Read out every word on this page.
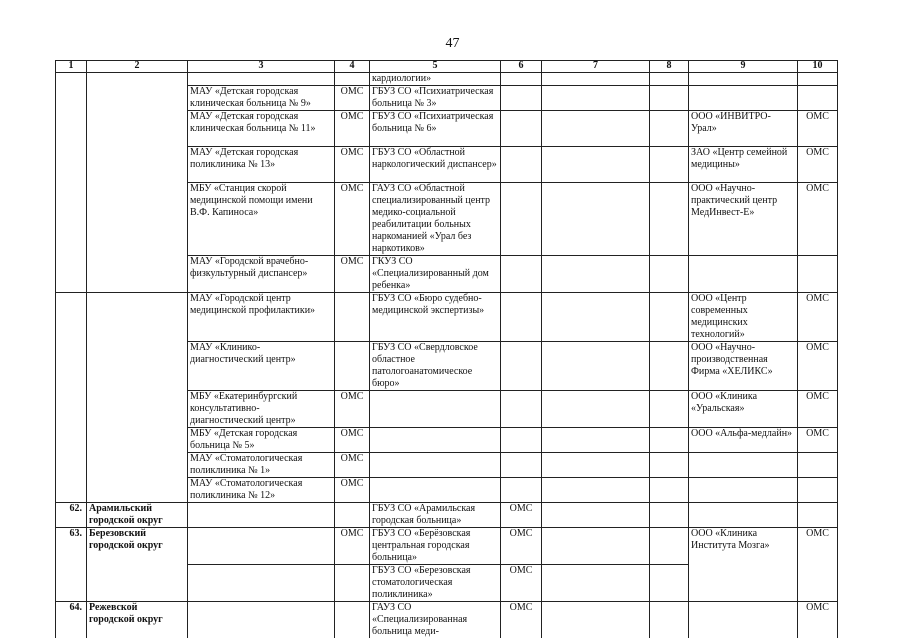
47
1	2	3	4	5	6	7	8	9	10
				кардиологии»					
		МАУ «Детская городская клиническая больница № 9»	ОМС	ГБУЗ СО «Психиатрическая больница № 3»					
		МАУ «Детская городская клиническая больница № 11»	ОМС	ГБУЗ СО «Психиатрическая больница № 6»				ООО «ИНВИТРО-Урал»	ОМС
		МАУ «Детская городская поликлиника № 13»	ОМС	ГБУЗ СО «Областной наркологический диспансер»				ЗАО «Центр семейной медицины»	ОМС
		МБУ «Станция скорой медицинской помощи имени В.Ф. Капиноса»	ОМС	ГАУЗ СО «Областной специализированный центр медико-социальной реабилитации больных наркоманией «Урал без наркотиков»				ООО «Научно-практический центр МедИнвест-Е»	ОМС
		МАУ «Городской врачебно-физкультурный диспансер»	ОМС	ГКУЗ СО «Специализированный дом ребенка»					
		МАУ «Городской центр медицинской профилактики»		ГБУЗ СО «Бюро судебно-медицинской экспертизы»				ООО «Центр современных медицинских технологий»	ОМС
		МАУ «Клинико-диагностический центр»		ГБУЗ СО «Свердловское областное патологоанатомическое бюро»				ООО «Научно-производственная Фирма «ХЕЛИКС»	ОМС
		МБУ «Екатеринбургский консультативно-диагностический центр»	ОМС					ООО «Клиника «Уральская»	ОМС
		МБУ «Детская городская больница № 5»	ОМС					ООО «Альфа-медлайн»	ОМС
		МАУ «Стоматологическая поликлиника № 1»	ОМС						
		МАУ «Стоматологическая поликлиника № 12»	ОМС						
62.	Арамильский городской округ			ГБУЗ СО «Арамильская городская больница»	ОМС				
63.	Березовский городской округ		ОМС	ГБУЗ СО «Берёзовская центральная городская больница»	ОМС			ООО «Клиника Института Мозга»	ОМС
				ГБУЗ СО «Березовская стоматологическая поликлиника»	ОМС				
64.	Режевской городской округ			ГАУЗ СО «Специализированная больница меди-	ОМС				ОМС
